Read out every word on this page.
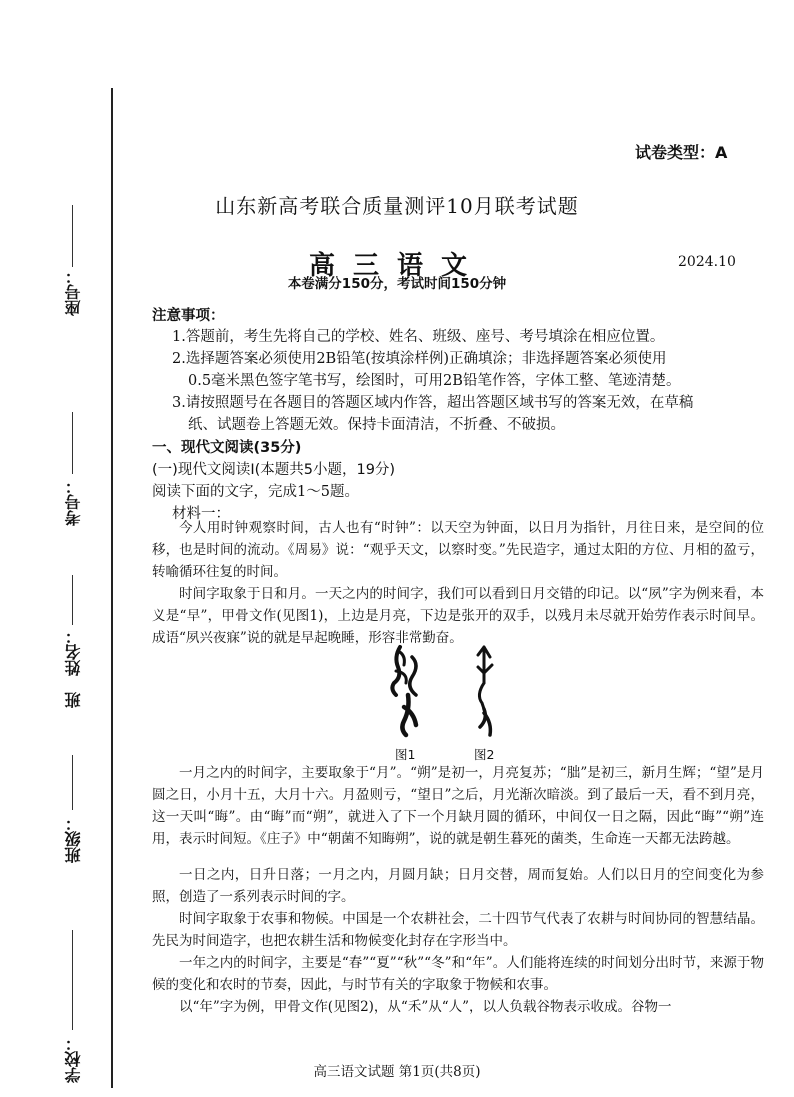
座号：
考号：
班　姓名：
班级：
学校：
试卷类型：A
山东新高考联合质量测评10月联考试题
高三语文	2024.10
本卷满分150分，考试时间150分钟
注意事项：
1.答题前，考生先将自己的学校、姓名、班级、座号、考号填涂在相应位置。
2.选择题答案必须使用2B铅笔(按填涂样例)正确填涂；非选择题答案必须使用
0.5毫米黑色签字笔书写，绘图时，可用2B铅笔作答，字体工整、笔迹清楚。
3.请按照题号在各题目的答题区域内作答，超出答题区域书写的答案无效，在草稿
纸、试题卷上答题无效。保持卡面清洁，不折叠、不破损。
一、现代文阅读(35分)
(一)现代文阅读Ⅰ(本题共5小题，19分)
阅读下面的文字，完成1～5题。
材料一：

今人用时钟观察时间，古人也有“时钟”：以天空为钟面，以日月为指针，月往日来，是空间的位移，也是时间的流动。《周易》说：“观乎天文，以察时变。”先民造字，通过太阳的方位、月相的盈亏，转喻循环往复的时间。

时间字取象于日和月。一天之内的时间字，我们可以看到日月交错的印记。以“夙”字为例来看，本义是“早”，甲骨文作(见图1)，上边是月亮，下边是张开的双手，以残月未尽就开始劳作表示时间早。成语“夙兴夜寐”说的就是早起晚睡，形容非常勤奋。

图1	图2

一月之内的时间字，主要取象于“月”。“朔”是初一，月亮复苏；“朏”是初三，新月生辉；“望”是月圆之日，小月十五，大月十六。月盈则亏，“望日”之后，月光渐次暗淡。到了最后一天，看不到月亮，这一天叫“晦”。由“晦”而“朔”，就进入了下一个月缺月圆的循环，中间仅一日之隔，因此“晦”“朔”连用，表示时间短。《庄子》中“朝菌不知晦朔”，说的就是朝生暮死的菌类，生命连一天都无法跨越。

一日之内，日升日落；一月之内，月圆月缺；日月交替，周而复始。人们以日月的空间变化为参照，创造了一系列表示时间的字。

时间字取象于农事和物候。中国是一个农耕社会，二十四节气代表了农耕与时间协同的智慧结晶。先民为时间造字，也把农耕生活和物候变化封存在字形当中。

一年之内的时间字，主要是“春”“夏”“秋”“冬”和“年”。人们能将连续的时间划分出时节，来源于物候的变化和农时的节奏，因此，与时节有关的字取象于物候和农事。

以“年”字为例，甲骨文作(见图2)，从“禾”从“人”，以人负载谷物表示收成。谷物一

高三语文试题 第1页(共8页)
